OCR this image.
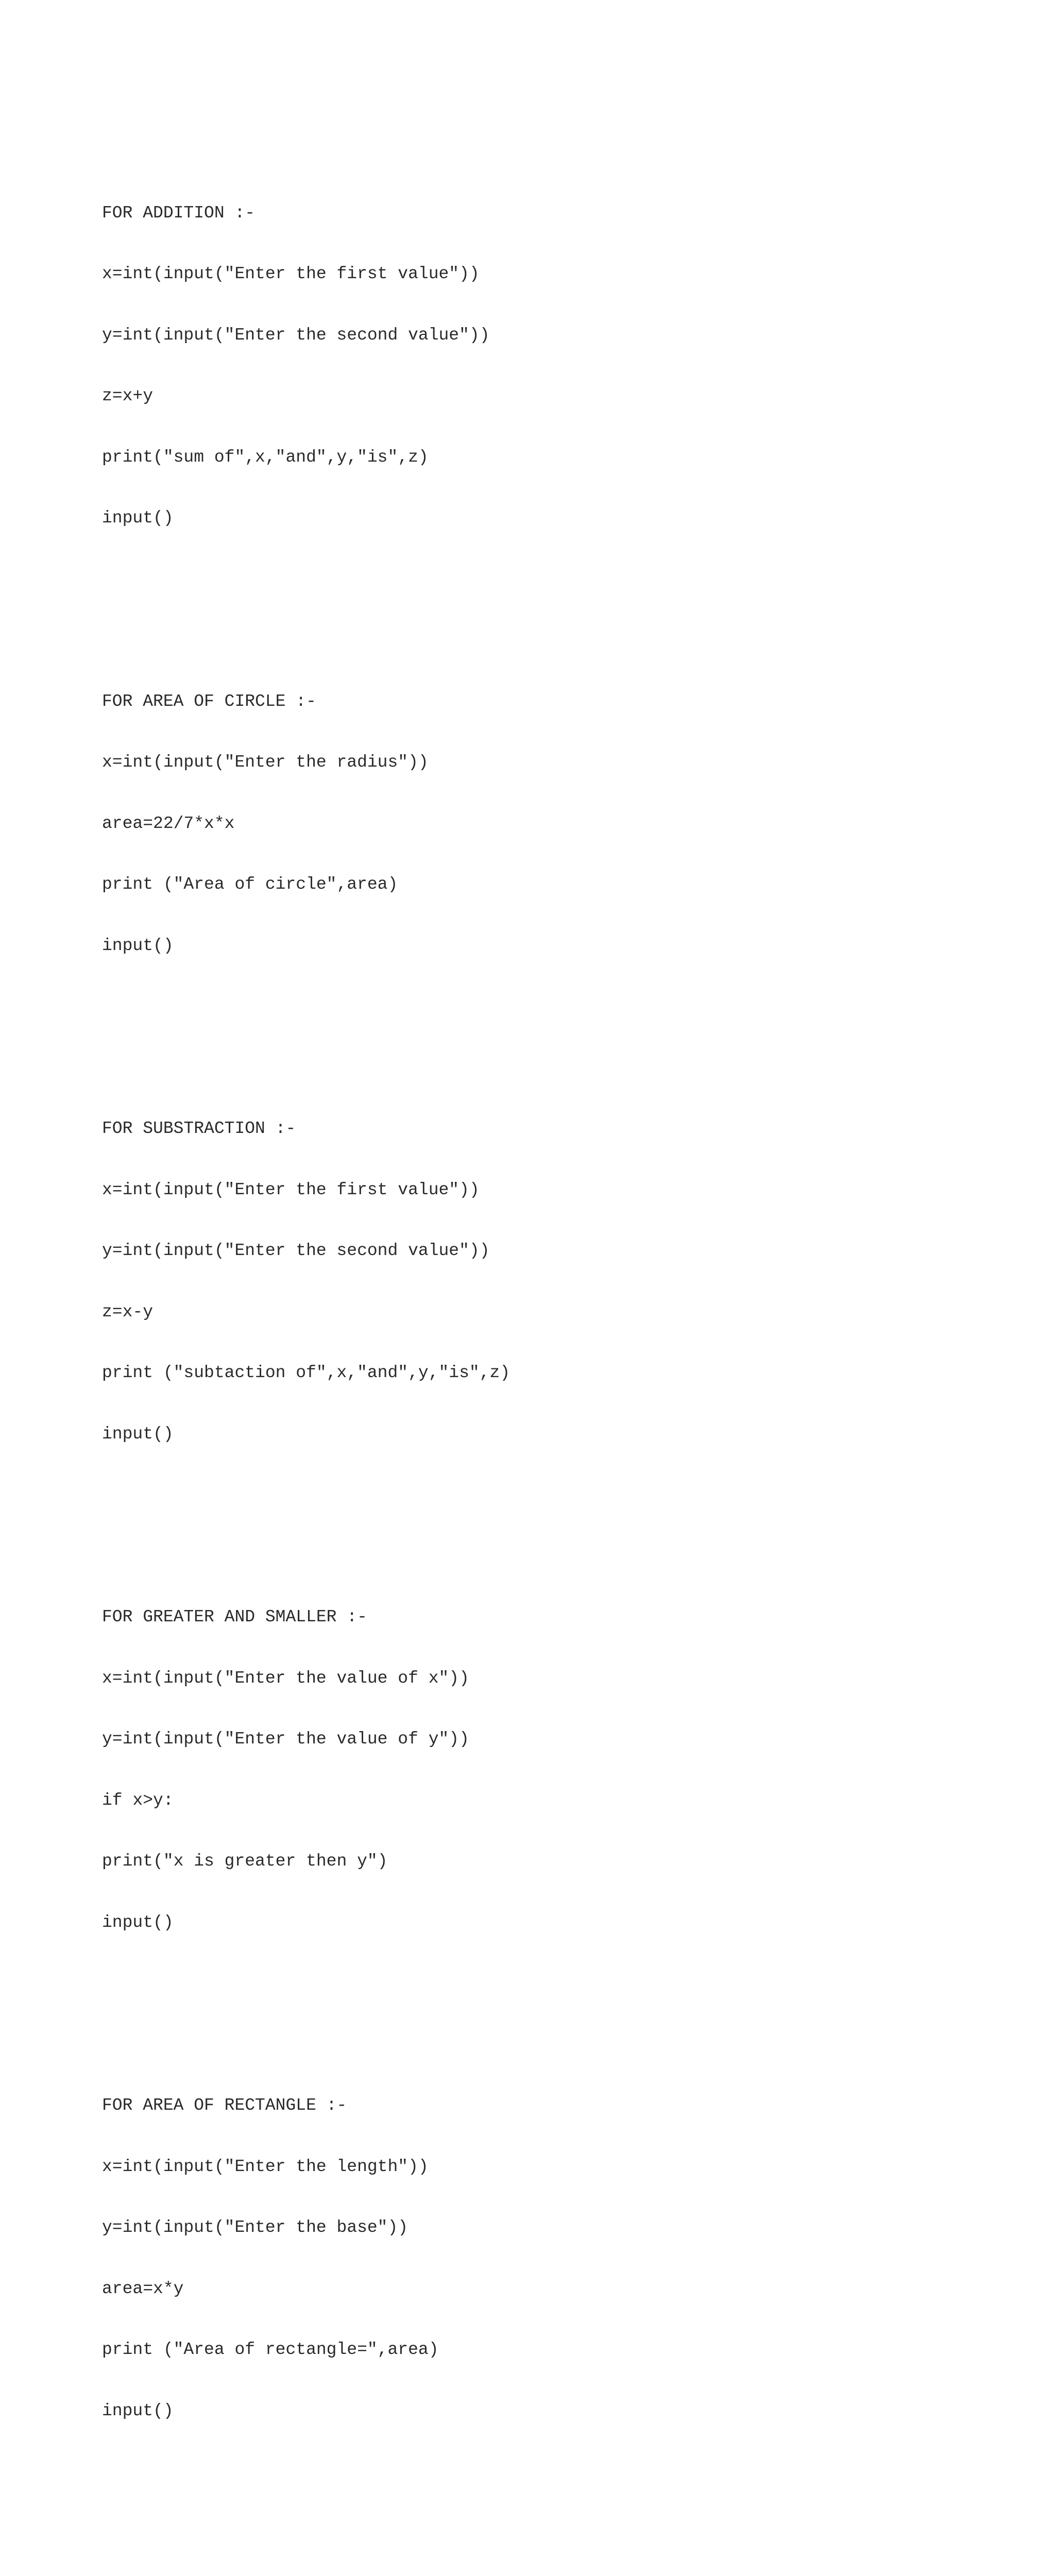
FOR ADDITION :-

x=int(input("Enter the first value"))

y=int(input("Enter the second value"))

z=x+y

print("sum of",x,"and",y,"is",z)

input()

FOR AREA OF CIRCLE :-

x=int(input("Enter the radius"))

area=22/7*x*x

print ("Area of circle",area)

input()

FOR SUBSTRACTION :-

x=int(input("Enter the first value"))

y=int(input("Enter the second value"))

z=x-y

print ("subtaction of",x,"and",y,"is",z)

input()

FOR GREATER AND SMALLER :-

x=int(input("Enter the value of x"))

y=int(input("Enter the value of y"))

if x>y:

print("x is greater then y")

input()

FOR AREA OF RECTANGLE :-

x=int(input("Enter the length"))

y=int(input("Enter the base"))

area=x*y

print ("Area of rectangle=",area)

input()
